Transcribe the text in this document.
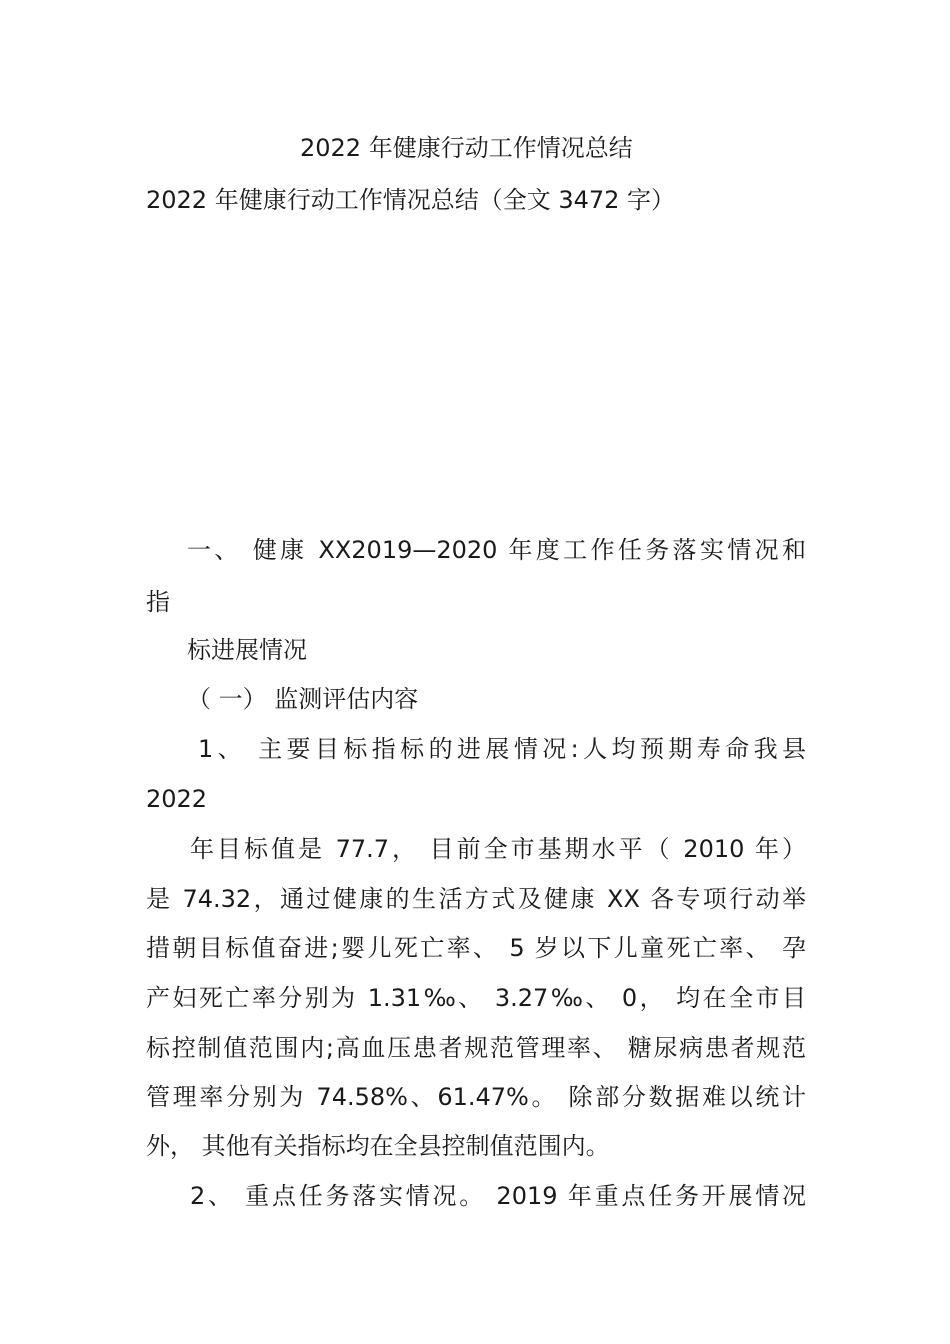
2022 年健康行动工作情况总结
2022 年健康行动工作情况总结（全文 3472 字）
一、 健康 XX2019—2020 年度工作任务落实情况和
指
标进展情况
（ 一） 监测评估内容
1、 主要目标指标的进展情况:人均预期寿命我县
2022
年目标值是 77.7， 目前全市基期水平（ 2010 年）
是 74.32，通过健康的生活方式及健康 XX 各专项行动举
措朝目标值奋进;婴儿死亡率、 5 岁以下儿童死亡率、 孕
产妇死亡率分别为 1.31‰、 3.27‰、 0， 均在全市目
标控制值范围内;高血压患者规范管理率、 糖尿病患者规范
管理率分别为 74.58%、61.47%。 除部分数据难以统计
外， 其他有关指标均在全县控制值范围内。
2、 重点任务落实情况。 2019 年重点任务开展情况
